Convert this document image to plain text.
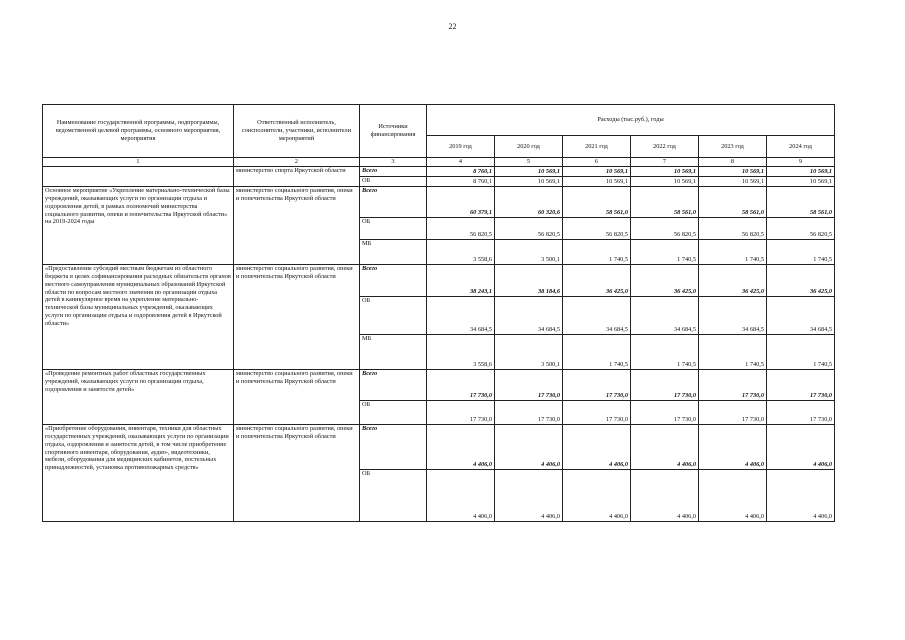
22
Наименование государственной программы, подпрограммы, ведомственной целевой программы, основного мероприятия, мероприятия	Ответственный исполнитель, соисполнители, участники, исполнители мероприятий	Источники финансирования	Расходы (тыс.руб.), годы					
			2019 год	2020 год	2021 год	2022 год	2023 год	2024 год
1	2	3	4	5	6	7	8	9
	министерство спорта Иркутской области	Всего	8 760,1	10 569,1	10 569,1	10 569,1	10 569,1	10 569,1
		ОБ	8 760,1	10 569,1	10 569,1	10 569,1	10 569,1	10 569,1
Основное мероприятие «Укрепление материально-технической базы учреждений, оказывающих услуги по организации отдыха и оздоровления детей, в рамках полномочий министерства социального развития, опеки и попечительства Иркутской области» на 2019-2024 годы	министерство социального развития, опеки и попечительства Иркутской области	Всего	60 379,1	60 320,6	58 561,0	58 561,0	58 561,0	58 561,0
		ОБ	56 820,5	56 820,5	56 820,5	56 820,5	56 820,5	56 820,5
		МБ	3 558,6	3 500,1	1 740,5	1 740,5	1 740,5	1 740,5
«Предоставление субсидий местным бюджетам из областного бюджета в целях софинансирования расходных обязательств органов местного самоуправления муниципальных образований Иркутской области по вопросам местного значения по организации отдыха детей в каникулярное время на укрепление материально-технической базы муниципальных учреждений, оказывающих услуги по организации отдыха и оздоровления детей в Иркутской области»	министерство социального развития, опеки и попечительства Иркутской области	Всего	38 243,1	38 184,6	36 425,0	36 425,0	36 425,0	36 425,0
		ОБ	34 684,5	34 684,5	34 684,5	34 684,5	34 684,5	34 684,5
		МБ	3 558,6	3 500,1	1 740,5	1 740,5	1 740,5	1 740,5
«Проведение ремонтных работ областных государственных учреждений, оказывающих услуги по организации отдыха, оздоровления и занятости детей»	министерство социального развития, опеки и попечительства Иркутской области	Всего	17 730,0	17 730,0	17 730,0	17 730,0	17 730,0	17 730,0
		ОБ	17 730,0	17 730,0	17 730,0	17 730,0	17 730,0	17 730,0
«Приобретение оборудования, инвентаря, техники для областных государственных учреждений, оказывающих услуги по организации отдыха, оздоровления и занятости детей, в том числе приобретение спортивного инвентаря, оборудования, аудио-, видеотехники, мебели, оборудования для медицинских кабинетов, постельных принадлежностей, установка противопожарных средств»	министерство социального развития, опеки и попечительства Иркутской области	Всего	4 406,0	4 406,0	4 406,0	4 406,0	4 406,0	4 406,0
		ОБ	4 406,0	4 406,0	4 406,0	4 406,0	4 406,0	4 406,0
